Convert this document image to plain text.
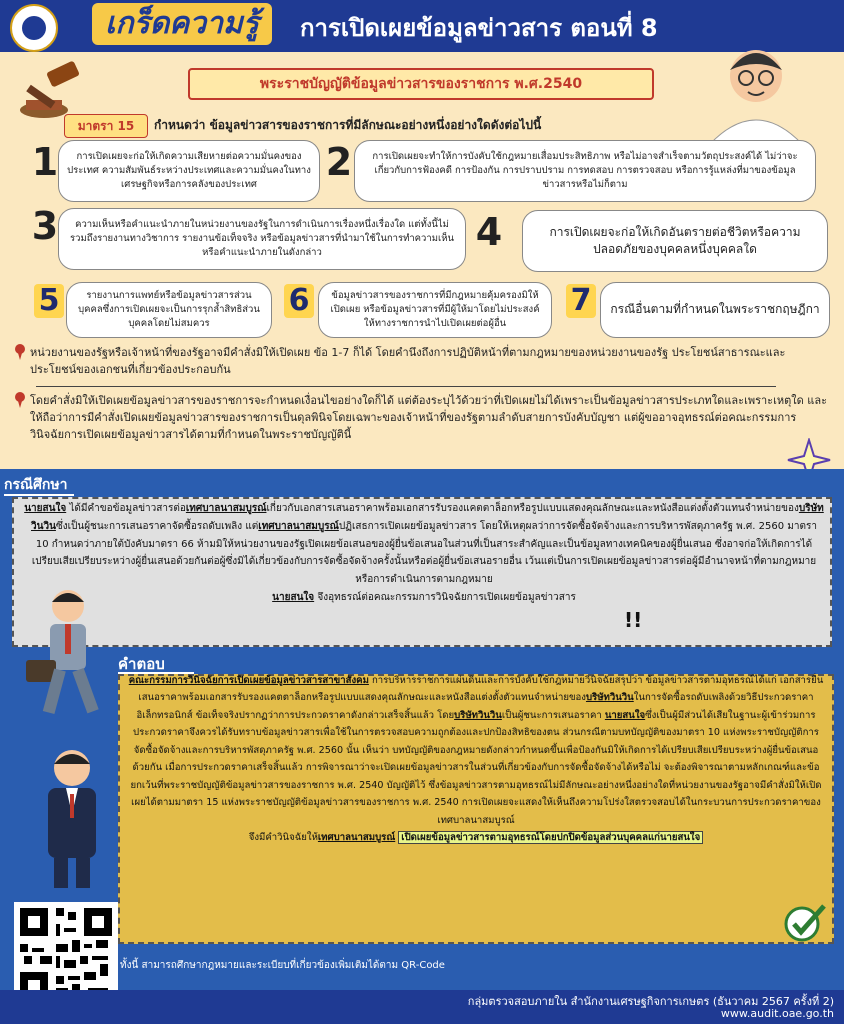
เกร็ดความรู้	การเปิดเผยข้อมูลข่าวสาร ตอนที่ 8
พระราชบัญญัติข้อมูลข่าวสารของราชการ พ.ศ.2540
มาตรา 15	กำหนดว่า ข้อมูลข่าวสารของราชการที่มีลักษณะอย่างหนึ่งอย่างใดดังต่อไปนี้
1	การเปิดเผยจะก่อให้เกิดความเสียหายต่อความมั่นคงของประเทศ ความสัมพันธ์ระหว่างประเทศและความมั่นคงในทางเศรษฐกิจหรือการคลังของประเทศ
2	การเปิดเผยจะทำให้การบังคับใช้กฎหมายเสื่อมประสิทธิภาพ หรือไม่อาจสำเร็จตามวัตถุประสงค์ได้ ไม่ว่าจะเกี่ยวกับการฟ้องคดี การป้องกัน การปราบปราม การทดสอบ การตรวจสอบ หรือการรู้แหล่งที่มาของข้อมูลข่าวสารหรือไม่ก็ตาม
3	ความเห็นหรือคำแนะนำภายในหน่วยงานของรัฐในการดำเนินการเรื่องหนึ่งเรื่องใด แต่ทั้งนี้ไม่รวมถึงรายงานทางวิชาการ รายงานข้อเท็จจริง หรือข้อมูลข่าวสารที่นำมาใช้ในการทำความเห็นหรือคำแนะนำภายในดังกล่าว	4	การเปิดเผยจะก่อให้เกิดอันตรายต่อชีวิตหรือความปลอดภัยของบุคคลหนึ่งบุคคลใด
5	รายงานการแพทย์หรือข้อมูลข่าวสารส่วนบุคคลซึ่งการเปิดเผยจะเป็นการรุกล้ำสิทธิส่วนบุคคลโดยไม่สมควร
6	ข้อมูลข่าวสารของราชการที่มีกฎหมายคุ้มครองมิให้เปิดเผย หรือข้อมูลข่าวสารที่มีผู้ให้มาโดยไม่ประสงค์ให้ทางราชการนำไปเปิดเผยต่อผู้อื่น
7	กรณีอื่นตามที่กำหนดในพระราชกฤษฎีกา
หน่วยงานของรัฐหรือเจ้าหน้าที่ของรัฐอาจมีคำสั่งมิให้เปิดเผย ข้อ 1-7 ก็ได้ โดยคำนึงถึงการปฏิบัติหน้าที่ตามกฎหมายของหน่วยงานของรัฐ ประโยชน์สาธารณะและประโยชน์ของเอกชนที่เกี่ยวข้องประกอบกัน
โดยคำสั่งมิให้เปิดเผยข้อมูลข่าวสารของราชการจะกำหนดเงื่อนไขอย่างใดก็ได้ แต่ต้องระบุไว้ด้วยว่าที่เปิดเผยไม่ได้เพราะเป็นข้อมูลข่าวสารประเภทใดและเพราะเหตุใด และให้ถือว่าการมีคำสั่งเปิดเผยข้อมูลข่าวสารของราชการเป็นดุลพินิจโดยเฉพาะของเจ้าหน้าที่ของรัฐตามลำดับสายการบังคับบัญชา แต่ผู้ขออาจอุทธรณ์ต่อคณะกรรมการวินิจฉัยการเปิดเผยข้อมูลข่าวสารได้ตามที่กำหนดในพระราชบัญญัตินี้
กรณีศึกษา
นายสนใจ ได้มีคำขอข้อมูลข่าวสารต่อเทศบาลนาสมบูรณ์เกี่ยวกับเอกสารเสนอราคาพร้อมเอกสารรับรองแคตตาล็อกหรือรูปแบบแสดงคุณลักษณะและหนังสือแต่งตั้งตัวแทนจำหน่ายของบริษัทวินวินซึ่งเป็นผู้ชนะการเสนอราคาจัดซื้อรถดับเพลิง แต่เทศบาลนาสมบูรณ์ปฏิเสธการเปิดเผยข้อมูลข่าวสาร โดยให้เหตุผลว่าการจัดซื้อจัดจ้างและการบริหารพัสดุภาครัฐ พ.ศ. 2560 มาตรา 10 กำหนดว่าภายใต้บังคับมาตรา 66 ห้ามมิให้หน่วยงานของรัฐเปิดเผยข้อเสนอของผู้ยื่นข้อเสนอในส่วนที่เป็นสาระสำคัญและเป็นข้อมูลทางเทคนิคของผู้ยื่นเสนอ ซึ่งอาจก่อให้เกิดการได้เปรียบเสียเปรียบระหว่างผู้ยื่นเสนอด้วยกันต่อผู้ซึ่งมิได้เกี่ยวข้องกับการจัดซื้อจัดจ้างครั้งนั้นหรือต่อผู้ยื่นข้อเสนอรายอื่น เว้นแต่เป็นการเปิดเผยข้อมูลข่าวสารต่อผู้มีอำนาจหน้าที่ตามกฎหมายหรือการดำเนินการตามกฎหมาย
นายสนใจ จึงอุทธรณ์ต่อคณะกรรมการวินิจฉัยการเปิดเผยข้อมูลข่าวสาร
!!
คำตอบ
คณะกรรมการวินิจฉัยการเปิดเผยข้อมูลข่าวสารสาขาสังคม การบริหารราชการแผ่นดินและการบังคับใช้กฎหมายวินิจฉัยสรุปว่า ข้อมูลข่าวสารตามอุทธรณ์ได้แก่ เอกสารยื่นเสนอราคาพร้อมเอกสารรับรองแคตตาล็อกหรือรูปแบบแสดงคุณลักษณะและหนังสือแต่งตั้งตัวแทนจำหน่ายของบริษัทวินวินในการจัดซื้อรถดับเพลิงด้วยวิธีประกวดราคาอิเล็กทรอนิกส์ ข้อเท็จจริงปรากฏว่าการประกวดราคาดังกล่าวเสร็จสิ้นแล้ว โดยบริษัทวินวินเป็นผู้ชนะการเสนอราคา นายสนใจซึ่งเป็นผู้มีส่วนได้เสียในฐานะผู้เข้าร่วมการประกวดราคาจึงควรได้รับทราบข้อมูลข่าวสารเพื่อใช้ในการตรวจสอบความถูกต้องและปกป้องสิทธิของตน ส่วนกรณีตามบทบัญญัติของมาตรา 10 แห่งพระราชบัญญัติการจัดซื้อจัดจ้างและการบริหารพัสดุภาครัฐ พ.ศ. 2560 นั้น เห็นว่า บทบัญญัติของกฎหมายดังกล่าวกำหนดขึ้นเพื่อป้องกันมิให้เกิดการได้เปรียบเสียเปรียบระหว่างผู้ยื่นข้อเสนอด้วยกัน เมื่อการประกวดราคาเสร็จสิ้นแล้ว การพิจารณาว่าจะเปิดเผยข้อมูลข่าวสารในส่วนที่เกี่ยวข้องกับการจัดซื้อจัดจ้างได้หรือไม่ จะต้องพิจารณาตามหลักเกณฑ์และข้อยกเว้นที่พระราชบัญญัติข้อมูลข่าวสารของราชการ พ.ศ. 2540 บัญญัติไว้ ซึ่งข้อมูลข่าวสารตามอุทธรณ์ไม่มีลักษณะอย่างหนึ่งอย่างใดที่หน่วยงานของรัฐอาจมีคำสั่งมิให้เปิดเผยได้ตามมาตรา 15 แห่งพระราชบัญญัติข้อมูลข่าวสารของราชการ พ.ศ. 2540 การเปิดเผยจะแสดงให้เห็นถึงความโปร่งใสตรวจสอบได้ในกระบวนการประกวดราคาของเทศบาลนาสมบูรณ์
จึงมีคำวินิจฉัยให้เทศบาลนาสมบูรณ์ เปิดเผยข้อมูลข่าวสารตามอุทธรณ์โดยปกปิดข้อมูลส่วนบุคคลแก่นายสนใจ
ทั้งนี้ สามารถศึกษากฎหมายและระเบียบที่เกี่ยวข้องเพิ่มเติมได้ตาม QR-Code
กลุ่มตรวจสอบภายใน สำนักงานเศรษฐกิจการเกษตร (ธันวาคม 2567 ครั้งที่ 2)
www.audit.oae.go.th
